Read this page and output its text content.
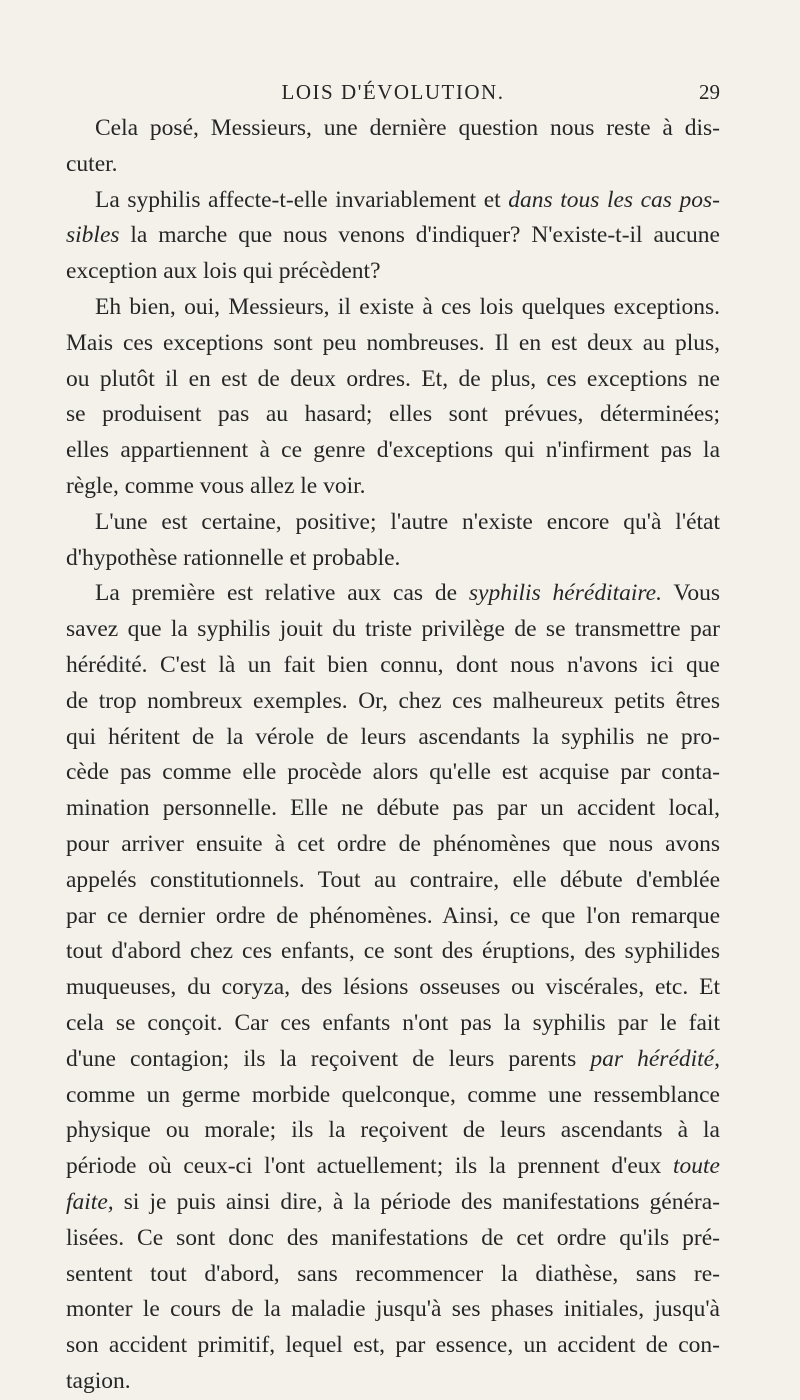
LOIS D'ÉVOLUTION.	29
Cela posé, Messieurs, une dernière question nous reste à dis-
cuter.
La syphilis affecte-t-elle invariablement et dans tous les cas pos-
sibles la marche que nous venons d'indiquer? N'existe-t-il aucune
exception aux lois qui précèdent?
Eh bien, oui, Messieurs, il existe à ces lois quelques exceptions.
Mais ces exceptions sont peu nombreuses. Il en est deux au plus,
ou plutôt il en est de deux ordres. Et, de plus, ces exceptions ne
se produisent pas au hasard; elles sont prévues, déterminées;
elles appartiennent à ce genre d'exceptions qui n'infirment pas la
règle, comme vous allez le voir.
L'une est certaine, positive; l'autre n'existe encore qu'à l'état
d'hypothèse rationnelle et probable.
La première est relative aux cas de syphilis héréditaire. Vous
savez que la syphilis jouit du triste privilège de se transmettre par
hérédité. C'est là un fait bien connu, dont nous n'avons ici que
de trop nombreux exemples. Or, chez ces malheureux petits êtres
qui héritent de la vérole de leurs ascendants la syphilis ne pro-
cède pas comme elle procède alors qu'elle est acquise par conta-
mination personnelle. Elle ne débute pas par un accident local,
pour arriver ensuite à cet ordre de phénomènes que nous avons
appelés constitutionnels. Tout au contraire, elle débute d'emblée
par ce dernier ordre de phénomènes. Ainsi, ce que l'on remarque
tout d'abord chez ces enfants, ce sont des éruptions, des syphilides
muqueuses, du coryza, des lésions osseuses ou viscérales, etc. Et
cela se conçoit. Car ces enfants n'ont pas la syphilis par le fait
d'une contagion; ils la reçoivent de leurs parents par hérédité,
comme un germe morbide quelconque, comme une ressemblance
physique ou morale; ils la reçoivent de leurs ascendants à la
période où ceux-ci l'ont actuellement; ils la prennent d'eux toute
faite, si je puis ainsi dire, à la période des manifestations généra-
lisées. Ce sont donc des manifestations de cet ordre qu'ils pré-
sentent tout d'abord, sans recommencer la diathèse, sans re-
monter le cours de la maladie jusqu'à ses phases initiales, jusqu'à
son accident primitif, lequel est, par essence, un accident de con-
tagion.
